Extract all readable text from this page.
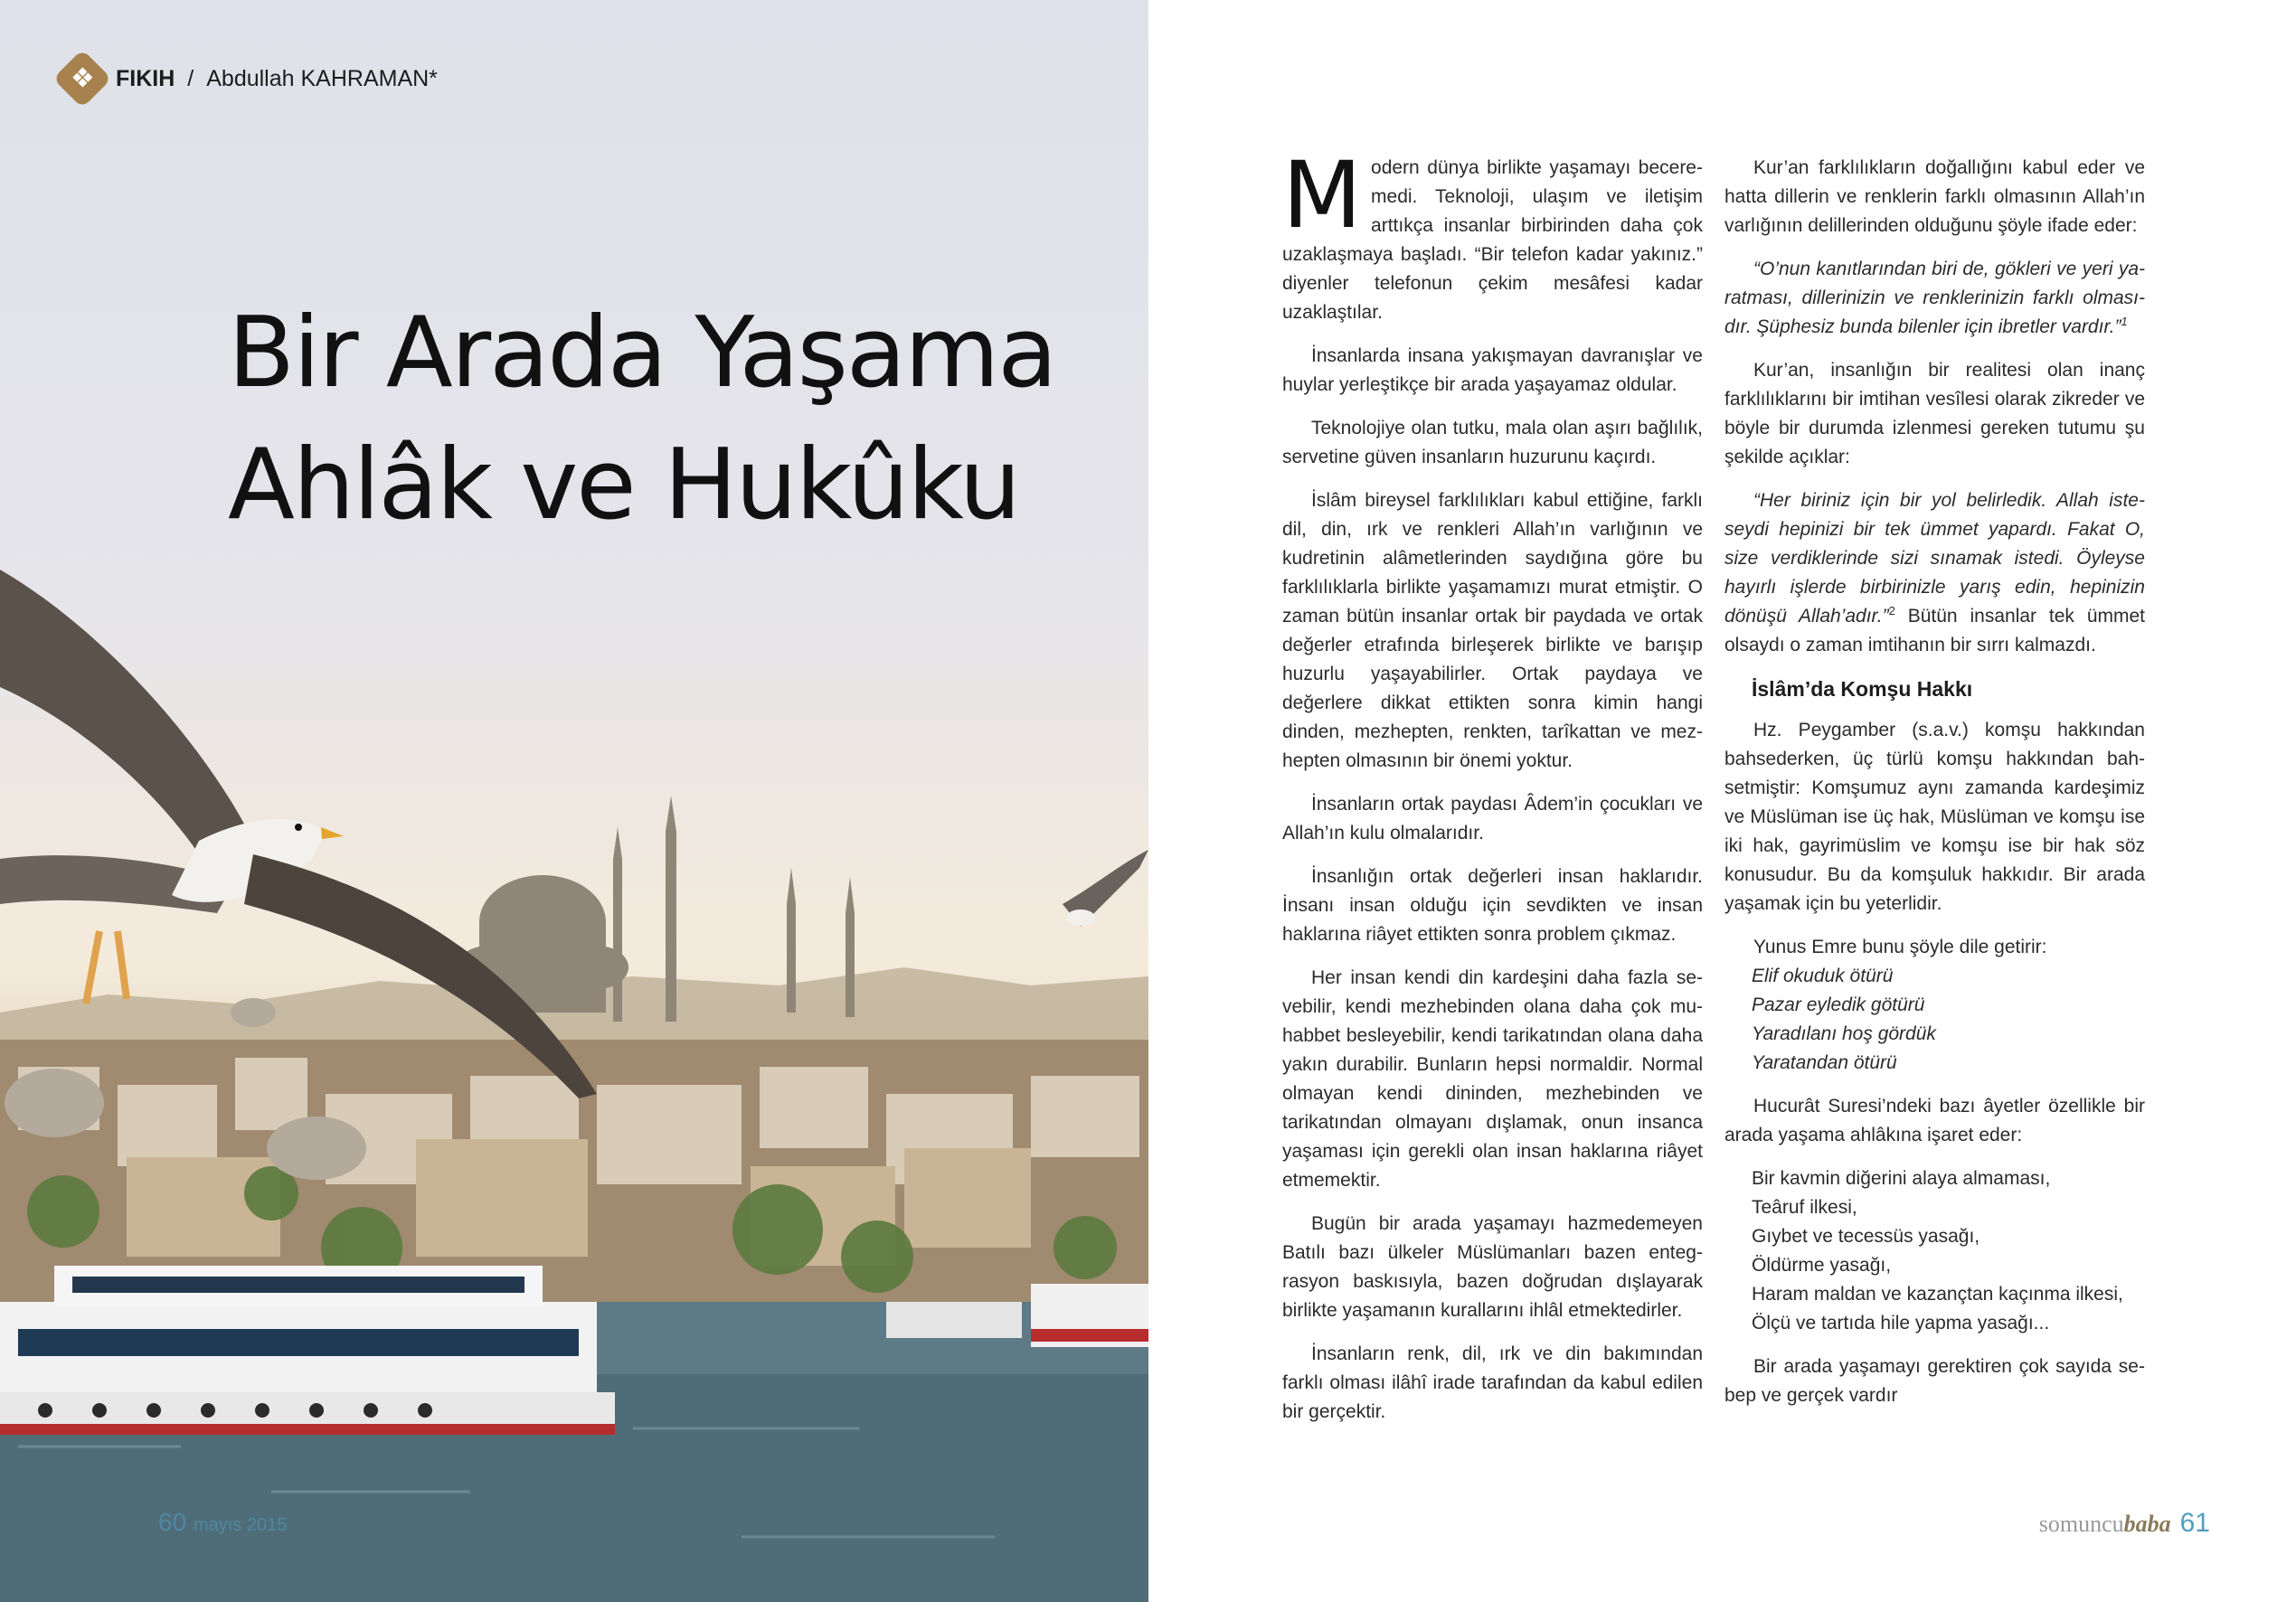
❖ FIKIH / Abdullah KAHRAMAN*
Bir Arada Yaşama
Ahlâk ve Hukûku
60 mayıs 2015

Modern dünya birlikte yaşamayı beceremedi. Teknoloji, ulaşım ve iletişim arttıkça insanlar birbirinden daha çok uzaklaşmaya başladı. “Bir telefon kadar yakınız.” diyenler telefonun çekim mesâfesi kadar uzaklaştılar.

İnsanlarda insana yakışmayan davranışlar ve huylar yerleştikçe bir arada yaşayamaz oldular.

Teknolojiye olan tutku, mala olan aşırı bağlılık, servetine güven insanların huzurunu kaçırdı.

İslâm bireysel farklılıkları kabul ettiğine, farklı dil, din, ırk ve renkleri Allah’ın varlığının ve kudretinin alâmetlerinden saydığına göre bu farklılıklarla birlikte yaşamamızı murat etmiştir. O zaman bütün insanlar ortak bir paydada ve ortak değerler etrafında birleşerek birlikte ve barışıp huzurlu yaşayabilirler. Ortak paydaya ve değerlere dikkat ettikten sonra kimin hangi dinden, mezhepten, renkten, tarîkattan ve mezhepten olmasının bir önemi yoktur.

İnsanların ortak paydası Âdem’in çocukları ve Allah’ın kulu olmalarıdır.

İnsanlığın ortak değerleri insan haklarıdır. İnsanı insan olduğu için sevdikten ve insan haklarına riâyet ettikten sonra problem çıkmaz.

Her insan kendi din kardeşini daha fazla sevebilir, kendi mezhebinden olana daha çok muhabbet besleyebilir, kendi tarikatından olana daha yakın durabilir. Bunların hepsi normaldir. Normal olmayan kendi dininden, mezhebinden ve tarikatından olmayanı dışlamak, onun insanca yaşaması için gerekli olan insan haklarına riâyet etmemektir.

Bugün bir arada yaşamayı hazmedemeyen Batılı bazı ülkeler Müslümanları bazen entegrasyon baskısıyla, bazen doğrudan dışlayarak birlikte yaşamanın kurallarını ihlâl etmektedirler.

İnsanların renk, dil, ırk ve din bakımından farklı olması ilâhî irade tarafından da kabul edilen bir gerçektir.

Kur’an farklılıkların doğallığını kabul eder ve hatta dillerin ve renklerin farklı olmasının Allah’ın varlığının delillerinden olduğunu şöyle ifade eder:

“O’nun kanıtlarından biri de, gökleri ve yeri yaratması, dillerinizin ve renklerinizin farklı olmasıdır. Şüphesiz bunda bilenler için ibretler vardır.”$^1$

Kur’an, insanlığın bir realitesi olan inanç farklılıklarını bir imtihan vesîlesi olarak zikreder ve böyle bir durumda izlenmesi gereken tutumu şu şekilde açıklar:

“Her biriniz için bir yol belirledik. Allah isteseydi hepinizi bir tek ümmet yapardı. Fakat O, size verdiklerinde sizi sınamak istedi. Öyleyse hayırlı işlerde birbirinizle yarış edin, hepinizin dönüşü Allah’adır.”$^2$ Bütün insanlar tek ümmet olsaydı o zaman imtihanın bir sırrı kalmazdı.

İslâm’da Komşu Hakkı

Hz. Peygamber (s.a.v.) komşu hakkından bahsederken, üç türlü komşu hakkından bahsetmiştir: Komşumuz aynı zamanda kardeşimiz ve Müslüman ise üç hak, Müslüman ve komşu ise iki hak, gayrimüslim ve komşu ise bir hak söz konusudur. Bu da komşuluk hakkıdır. Bir arada yaşamak için bu yeterlidir.

Yunus Emre bunu şöyle dile getirir:

Elif okuduk ötürü
Pazar eyledik götürü
Yaradılanı hoş gördük
Yaratandan ötürü

Hucurât Suresi’ndeki bazı âyetler özellikle bir arada yaşama ahlâkına işaret eder:

Bir kavmin diğerini alaya almaması,
Teâruf ilkesi,
Gıybet ve tecessüs yasağı,
Öldürme yasağı,
Haram maldan ve kazançtan kaçınma ilkesi,
Ölçü ve tartıda hile yapma yasağı...

Bir arada yaşamayı gerektiren çok sayıda sebep ve gerçek vardır

somuncubaba 61
